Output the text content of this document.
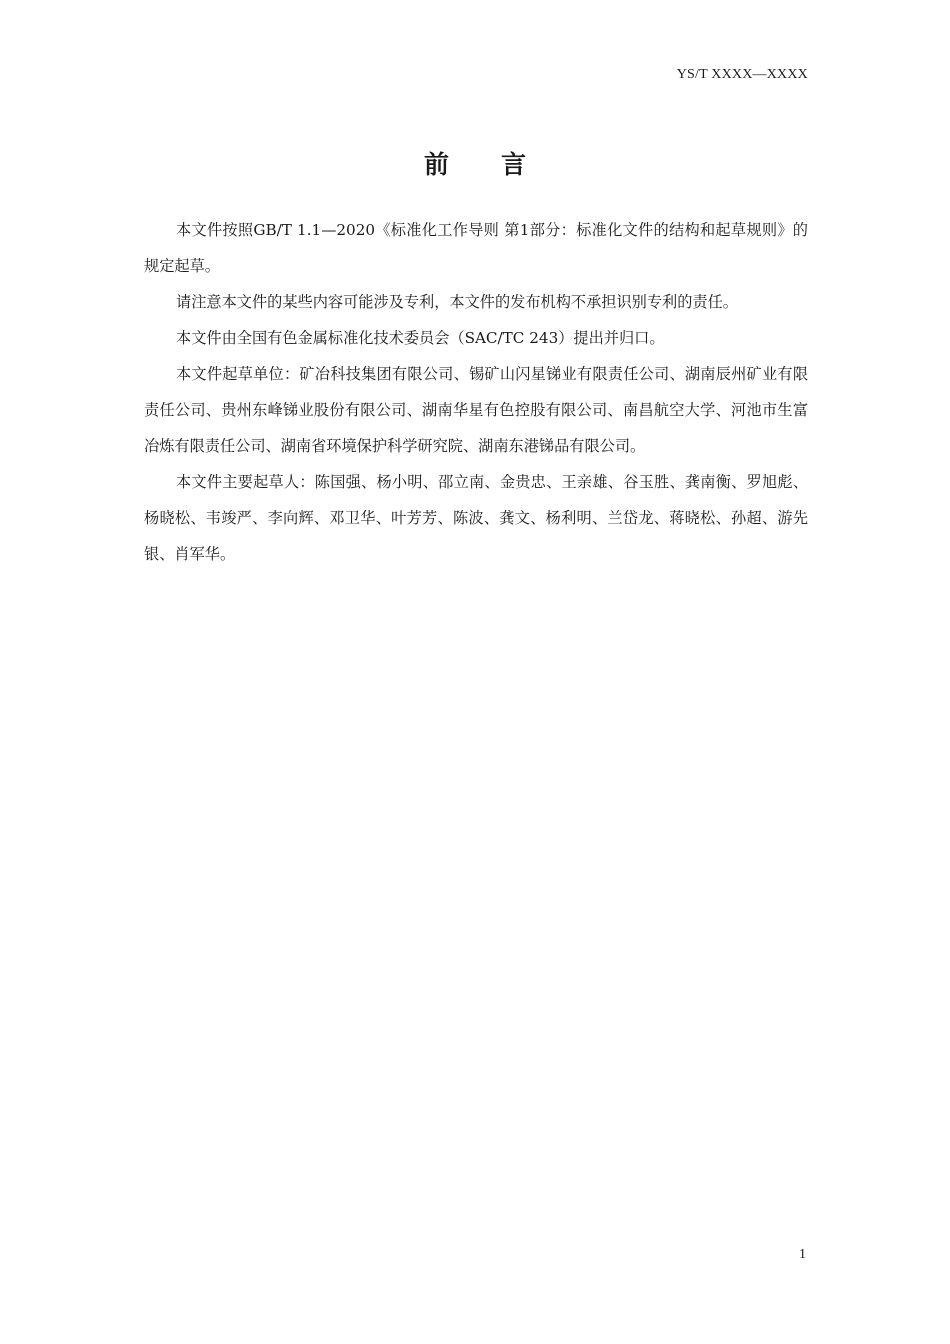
YS/T XXXX—XXXX
前 言

本文件按照GB/T 1.1—2020《标准化工作导则 第1部分：标准化文件的结构和起草规则》的规定起草。

请注意本文件的某些内容可能涉及专利，本文件的发布机构不承担识别专利的责任。

本文件由全国有色金属标准化技术委员会（SAC/TC 243）提出并归口。

本文件起草单位：矿冶科技集团有限公司、锡矿山闪星锑业有限责任公司、湖南辰州矿业有限责任公司、贵州东峰锑业股份有限公司、湖南华星有色控股有限公司、南昌航空大学、河池市生富冶炼有限责任公司、湖南省环境保护科学研究院、湖南东港锑品有限公司。

本文件主要起草人：陈国强、杨小明、邵立南、金贵忠、王亲雄、谷玉胜、龚南衡、罗旭彪、杨晓松、韦竣严、李向辉、邓卫华、叶芳芳、陈波、龚文、杨利明、兰岱龙、蒋晓松、孙超、游先银、肖军华。

1
